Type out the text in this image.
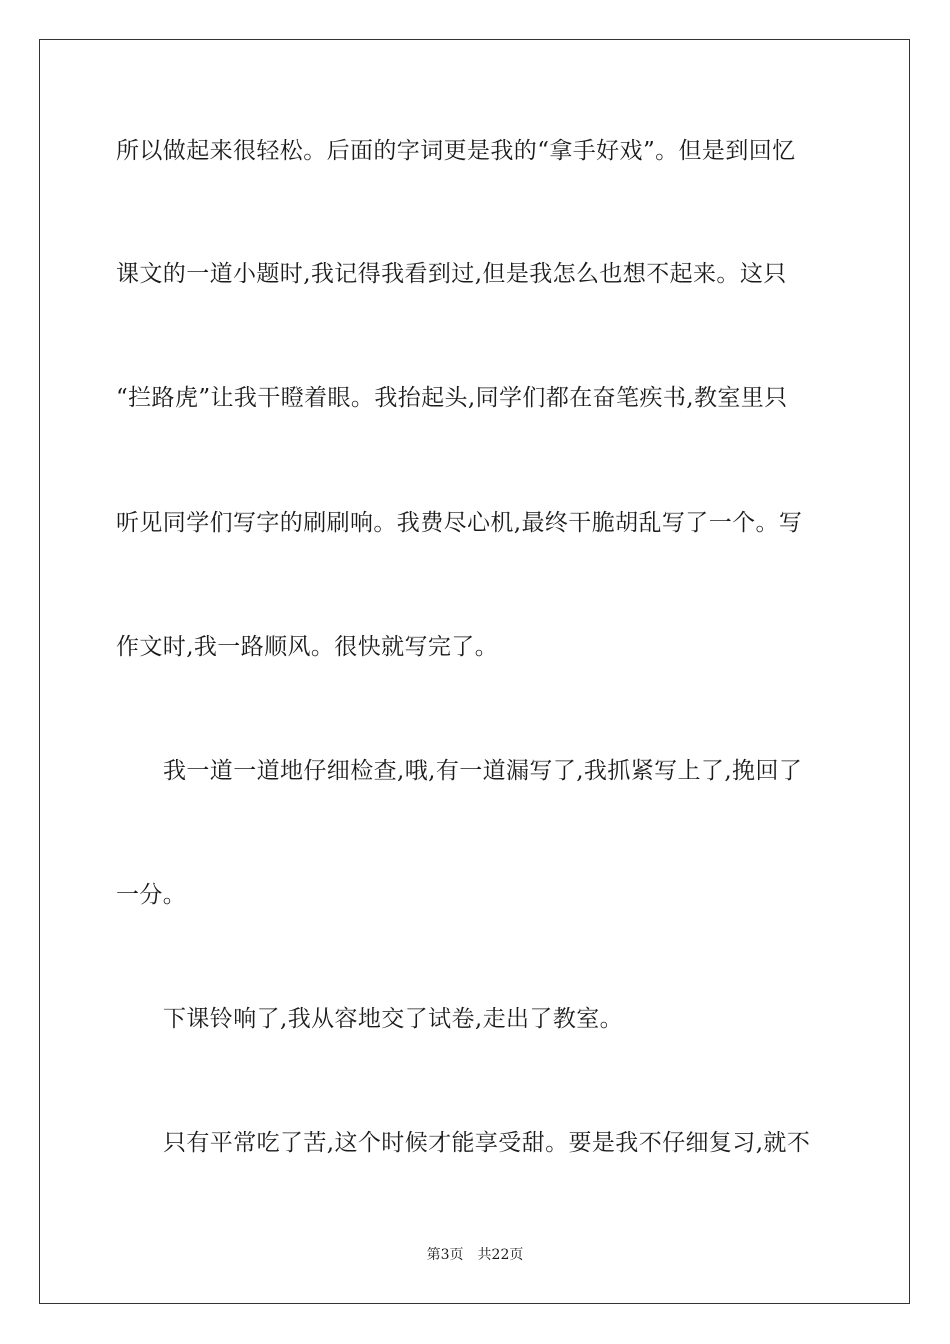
所以做起来很轻松。后面的字词更是我的“拿手好戏”。但是到回忆
课文的一道小题时,我记得我看到过,但是我怎么也想不起来。这只
“拦路虎”让我干瞪着眼。我抬起头,同学们都在奋笔疾书,教室里只
听见同学们写字的刷刷响。我费尽心机,最终干脆胡乱写了一个。写
作文时,我一路顺风。很快就写完了。
我一道一道地仔细检查,哦,有一道漏写了,我抓紧写上了,挽回了
一分。
下课铃响了,我从容地交了试卷,走出了教室。
只有平常吃了苦,这个时候才能享受甜。要是我不仔细复习,就不
第3页 共22页
